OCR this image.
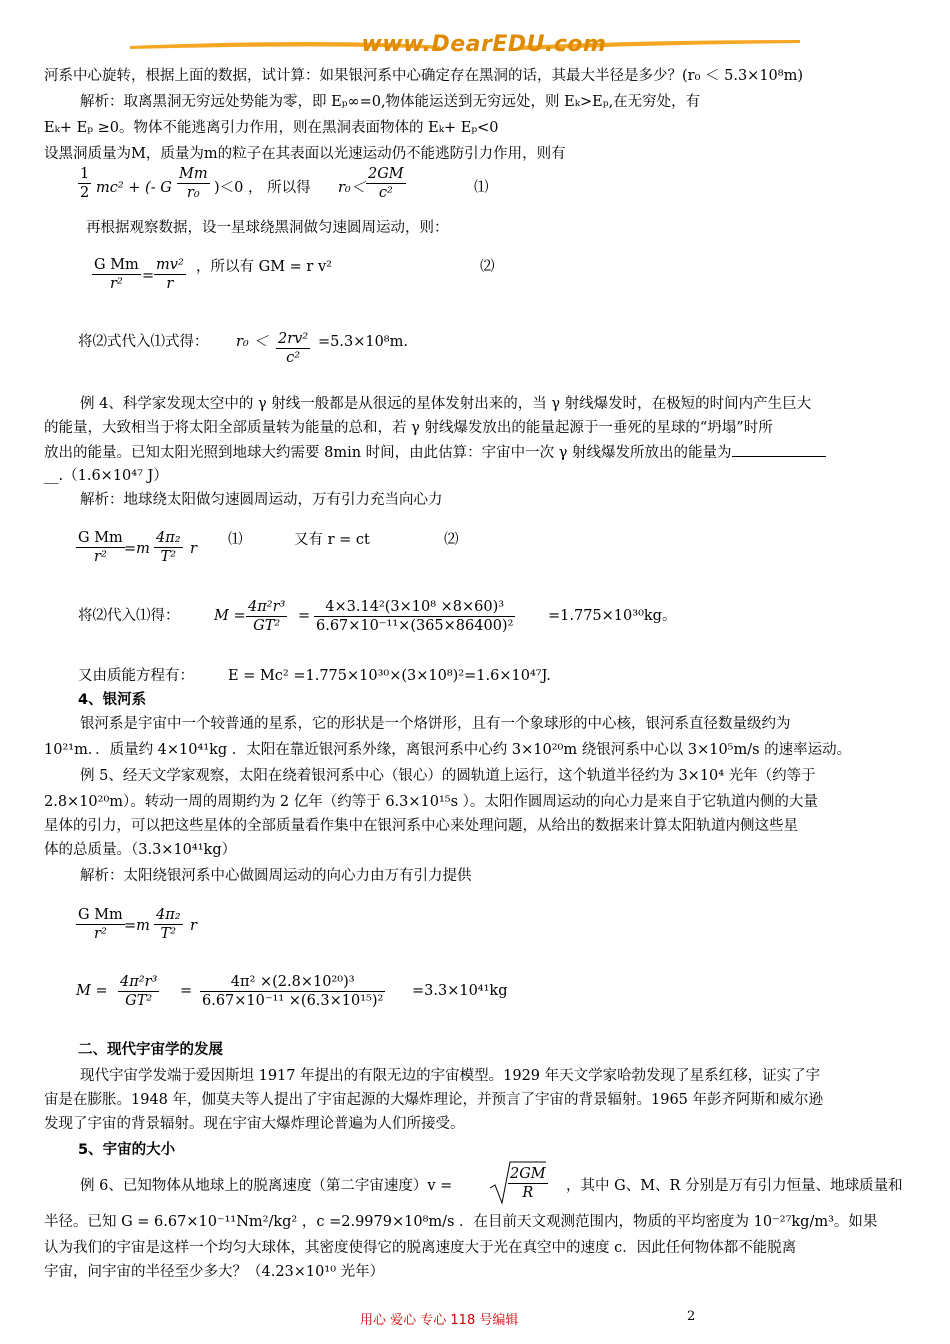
www.DearEDU.com
河系中心旋转，根据上面的数据，试计算：如果银河系中心确定存在黑洞的话，其最大半径是多少？(r₀ ＜ 5.3×10⁸m)
解析：取离黑洞无穷远处势能为零，即 Eₚ∞=0,物体能运送到无穷远处，则 Eₖ>Eₚ,在无穷处，有
Eₖ+ Eₚ ≥0。物体不能逃离引力作用，则在黑洞表面物体的 Eₖ+ Eₚ<0
设黑洞质量为M，质量为m的粒子在其表面以光速运动仍不能逃防引力作用，则有
1
2 mc² + (- G
Mm
r₀ )＜0 ， 所以得 r₀＜
2GM
c²	⑴
再根据观察数据，设一星球绕黑洞做匀速圆周运动，则：
G Mm
r²	=
mv²
r
，所以有 GM = r v²	⑵
将⑵式代入⑴式得：	r₀ ＜ 2rv²
c²
=5.3×10⁸m.
例 4、科学家发现太空中的 γ 射线一般都是从很远的星体发射出来的，当 γ 射线爆发时，在极短的时间内产生巨大
的能量，大致相当于将太阳全部质量转为能量的总和，若 γ 射线爆发放出的能量起源于一垂死的星球的“坍塌”时所
放出的能量。已知太阳光照到地球大约需要 8min 时间，由此估算：宇宙中一次 γ 射线爆发所放出的能量为
__.（1.6×10⁴⁷ J）
解析：地球绕太阳做匀速圆周运动，万有引力充当向心力
G Mm
r²	=m
4π₂
T² r
⑴	又有 r = ct	⑵
将⑵代入⑴得：	M =
4π²r³
GT²
=
4×3.14²(3×10⁸ ×8×60)³
6.67×10⁻¹¹×(365×86400)²
=1.775×10³⁰kg。
又由质能方程有：	E = Mc² =1.775×10³⁰×(3×10⁸)²=1.6×10⁴⁷J.
4、银河系
银河系是宇宙中一个较普通的星系，它的形状是一个烙饼形，且有一个象球形的中心核，银河系直径数量级约为
10²¹m．．质量约 4×10⁴¹kg ．太阳在靠近银河系外缘，离银河系中心约 3×10²⁰m 绕银河系中心以 3×10⁵m/s 的速率运动。
例 5、经天文学家观察，太阳在绕着银河系中心（银心）的圆轨道上运行，这个轨道半径约为 3×10⁴ 光年（约等于
2.8×10²⁰m）。转动一周的周期约为 2 亿年（约等于 6.3×10¹⁵s ）。太阳作圆周运动的向心力是来自于它轨道内侧的大量
星体的引力，可以把这些星体的全部质量看作集中在银河系中心来处理问题，从给出的数据来计算太阳轨道内侧这些星
体的总质量。（3.3×10⁴¹kg）
解析：太阳绕银河系中心做圆周运动的向心力由万有引力提供
G Mm
r²	=m
4π₂
T² r
M =
4π²r³
GT²
=
4π² ×(2.8×10²⁰)³
6.67×10⁻¹¹ ×(6.3×10¹⁵)²
=3.3×10⁴¹kg
二、现代宇宙学的发展
现代宇宙学发端于爱因斯坦 1917 年提出的有限无边的宇宙模型。1929 年天文学家哈勃发现了星系红移，证实了宇
宙是在膨胀。1948 年，伽莫夫等人提出了宇宙起源的大爆炸理论，并预言了宇宙的背景辐射。1965 年彭齐阿斯和威尔逊
发现了宇宙的背景辐射。现在宇宙大爆炸理论普遍为人们所接受。
5、宇宙的大小
例 6、已知物体从地球上的脱离速度（第二宇宙速度）v =
2GM
R	，其中 G、M、R 分别是万有引力恒量、地球质量和
半径。已知 G = 6.67×10⁻¹¹Nm²/kg² ，c =2.9979×10⁸m/s ．在目前天文观测范围内，物质的平均密度为 10⁻²⁷kg/m³。如果
认为我们的宇宙是这样一个均匀大球体，其密度使得它的脱离速度大于光在真空中的速度 c．因此任何物体都不能脱离
宇宙，问宇宙的半径至少多大？（4.23×10¹⁰ 光年）
用心 爱心 专心 118 号编辑	2
